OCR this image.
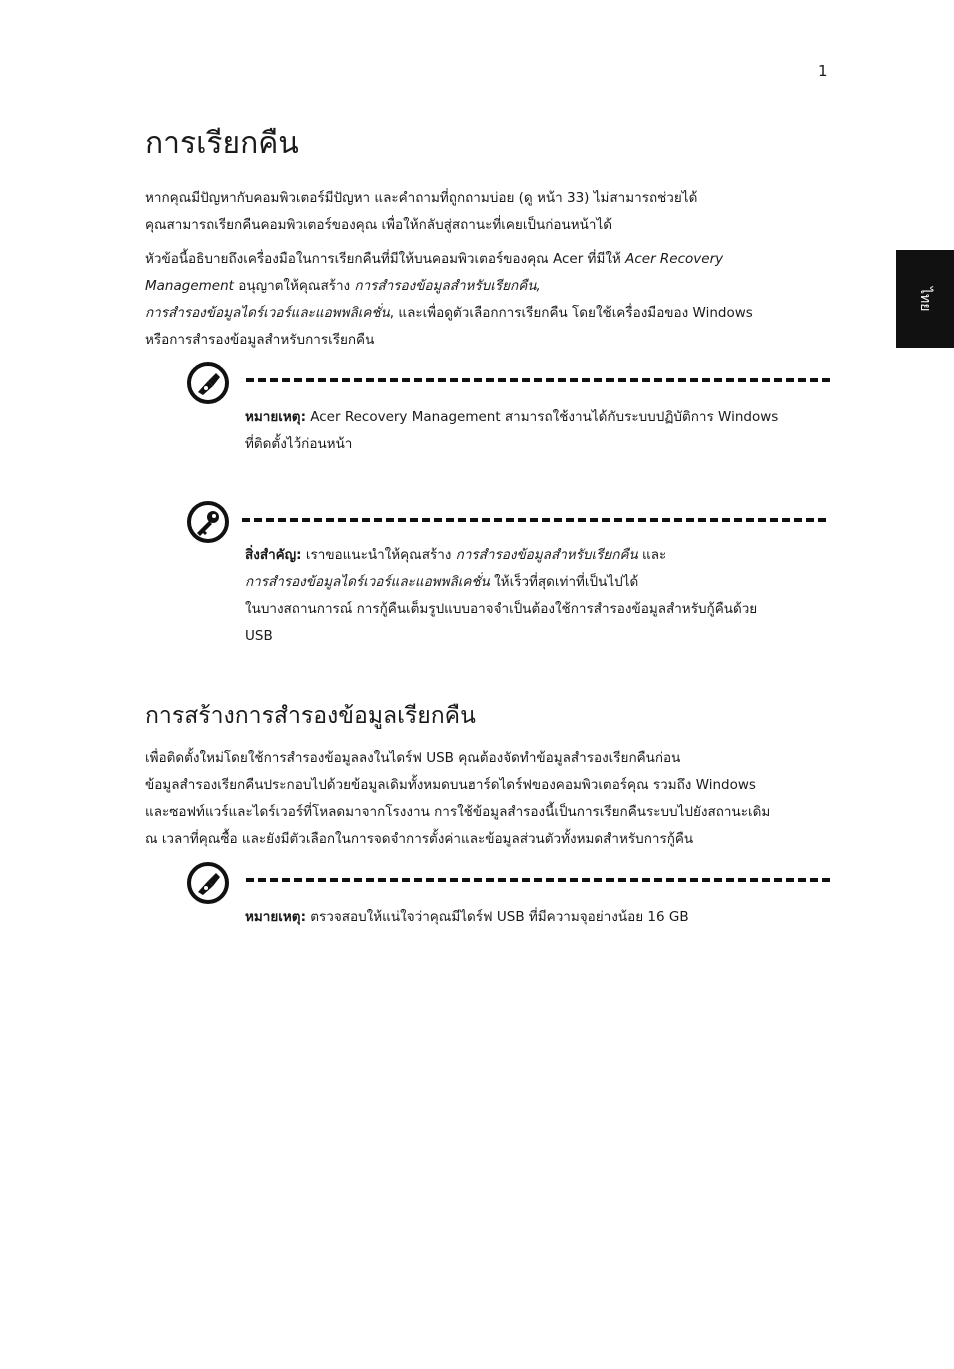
1
ไทย
การเรียกคืน

หากคุณมีปัญหากับคอมพิวเตอร์มีปัญหา และคำถามที่ถูกถามบ่อย (ดู หน้า 33) ไม่สามารถช่วยได้
คุณสามารถเรียกคืนคอมพิวเตอร์ของคุณ เพื่อให้กลับสู่สถานะที่เคยเป็นก่อนหน้าได้

หัวข้อนี้อธิบายถึงเครื่องมือในการเรียกคืนที่มีให้บนคอมพิวเตอร์ของคุณ Acer ที่มีให้ Acer Recovery
Management อนุญาตให้คุณสร้าง การสำรองข้อมูลสำหรับเรียกคืน,
การสำรองข้อมูลไดร์เวอร์และแอพพลิเคชั่น, และเพื่อดูตัวเลือกการเรียกคืน โดยใช้เครื่องมือของ Windows
หรือการสำรองข้อมูลสำหรับการเรียกคืน

หมายเหตุ: Acer Recovery Management สามารถใช้งานได้กับระบบปฏิบัติการ Windows
ที่ติดตั้งไว้ก่อนหน้า

สิ่งสำคัญ: เราขอแนะนำให้คุณสร้าง การสำรองข้อมูลสำหรับเรียกคืน และ
การสำรองข้อมูลไดร์เวอร์และแอพพลิเคชั่น ให้เร็วที่สุดเท่าที่เป็นไปได้
ในบางสถานการณ์ การกู้คืนเต็มรูปแบบอาจจำเป็นต้องใช้การสำรองข้อมูลสำหรับกู้คืนด้วย
USB

การสร้างการสำรองข้อมูลเรียกคืน

เพื่อติดตั้งใหม่โดยใช้การสำรองข้อมูลลงในไดร์ฟ USB คุณต้องจัดทำข้อมูลสำรองเรียกคืนก่อน
ข้อมูลสำรองเรียกคืนประกอบไปด้วยข้อมูลเดิมทั้งหมดบนฮาร์ดไดร์ฟของคอมพิวเตอร์คุณ รวมถึง Windows
และซอฟท์แวร์และไดร์เวอร์ที่โหลดมาจากโรงงาน การใช้ข้อมูลสำรองนี้เป็นการเรียกคืนระบบไปยังสถานะเดิม
ณ เวลาที่คุณซื้อ และยังมีตัวเลือกในการจดจำการตั้งค่าและข้อมูลส่วนตัวทั้งหมดสำหรับการกู้คืน

หมายเหตุ: ตรวจสอบให้แน่ใจว่าคุณมีไดร์ฟ USB ที่มีความจุอย่างน้อย 16 GB
